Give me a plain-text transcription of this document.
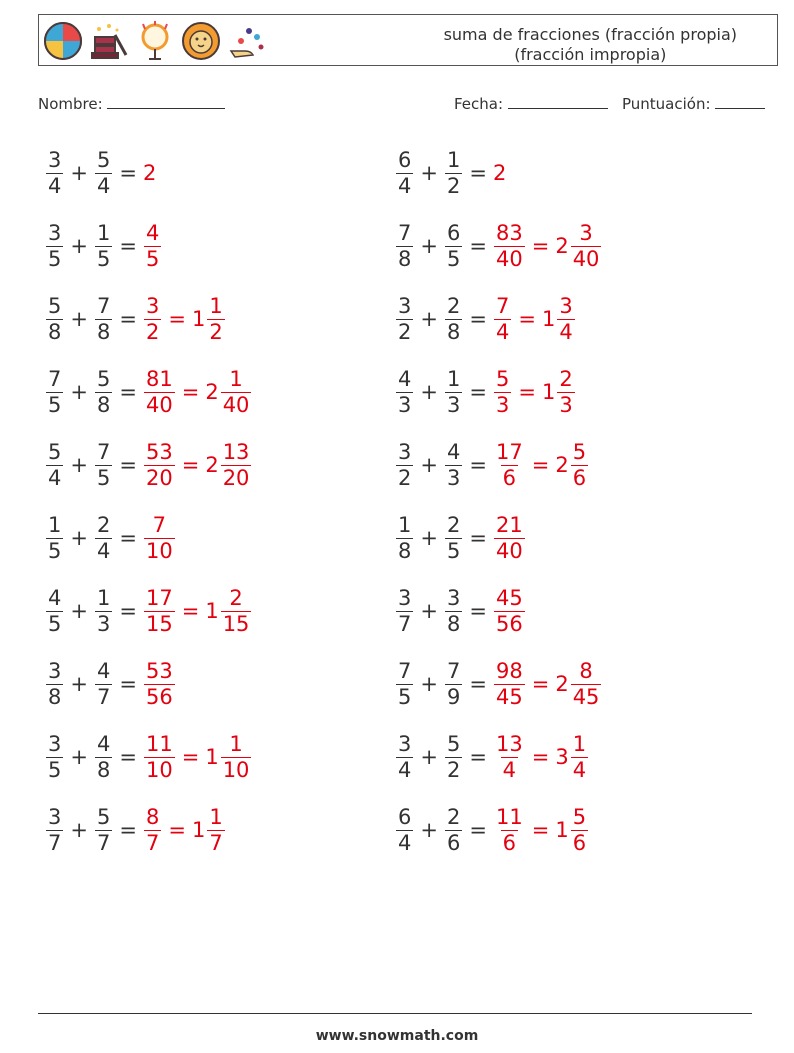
suma de fracciones (fracción propia)
(fracción impropia)
Nombre:	Fecha:	Puntuación:
$\frac{3}{4} + \frac{5}{4} = 2$	$\frac{6}{4} + \frac{1}{2} = 2$
$\frac{3}{5} + \frac{1}{5} = \frac{4}{5}$	$\frac{7}{8} + \frac{6}{5} = \frac{83}{40} = 2 \frac{3}{40}$
$\frac{5}{8} + \frac{7}{8} = \frac{3}{2} = 1 \frac{1}{2}$	$\frac{3}{2} + \frac{2}{8} = \frac{7}{4} = 1 \frac{3}{4}$
$\frac{7}{5} + \frac{5}{8} = \frac{81}{40} = 2 \frac{1}{40}$	$\frac{4}{3} + \frac{1}{3} = \frac{5}{3} = 1 \frac{2}{3}$
$\frac{5}{4} + \frac{7}{5} = \frac{53}{20} = 2 \frac{13}{20}$	$\frac{3}{2} + \frac{4}{3} = \frac{17}{6} = 2 \frac{5}{6}$
$\frac{1}{5} + \frac{2}{4} = \frac{7}{10}$	$\frac{1}{8} + \frac{2}{5} = \frac{21}{40}$
$\frac{4}{5} + \frac{1}{3} = \frac{17}{15} = 1 \frac{2}{15}$	$\frac{3}{7} + \frac{3}{8} = \frac{45}{56}$
$\frac{3}{8} + \frac{4}{7} = \frac{53}{56}$	$\frac{7}{5} + \frac{7}{9} = \frac{98}{45} = 2 \frac{8}{45}$
$\frac{3}{5} + \frac{4}{8} = \frac{11}{10} = 1 \frac{1}{10}$	$\frac{3}{4} + \frac{5}{2} = \frac{13}{4} = 3 \frac{1}{4}$
$\frac{3}{7} + \frac{5}{7} = \frac{8}{7} = 1 \frac{1}{7}$	$\frac{6}{4} + \frac{2}{6} = \frac{11}{6} = 1 \frac{5}{6}$
www.snowmath.com
